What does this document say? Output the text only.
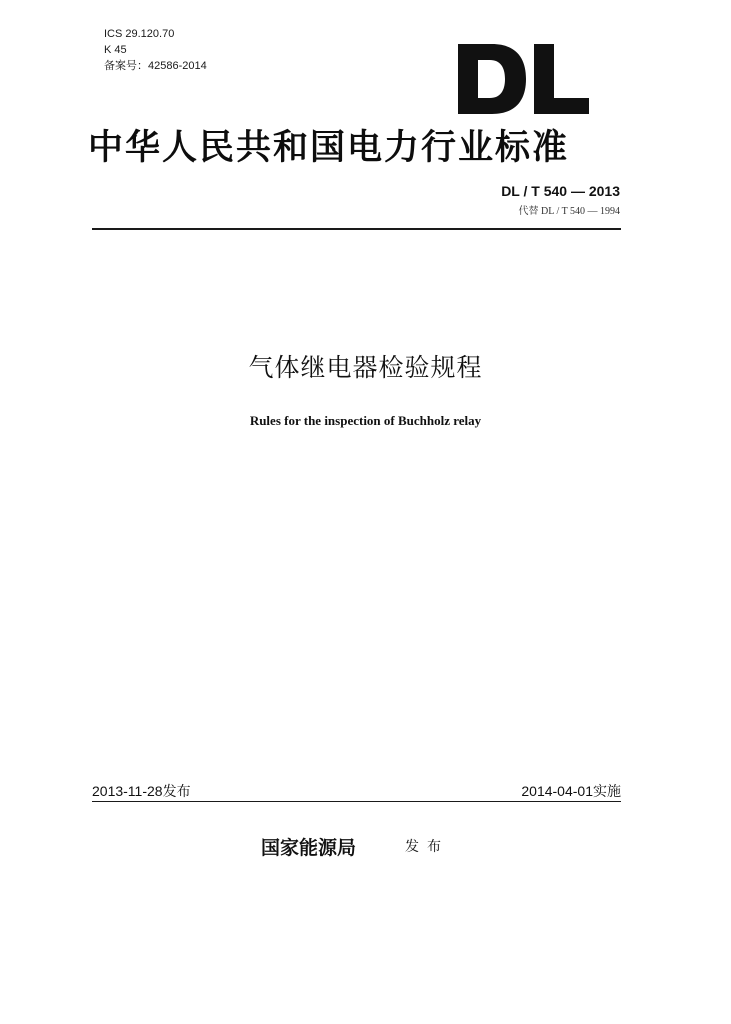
ICS 29.120.70
K 45
备案号：42586-2014
中华人民共和国电力行业标准
DL / T 540 — 2013
代替 DL / T 540 — 1994
气体继电器检验规程
Rules for the inspection of Buchholz relay
2013-11-28发布	2014-04-01实施
国家能源局	发布
